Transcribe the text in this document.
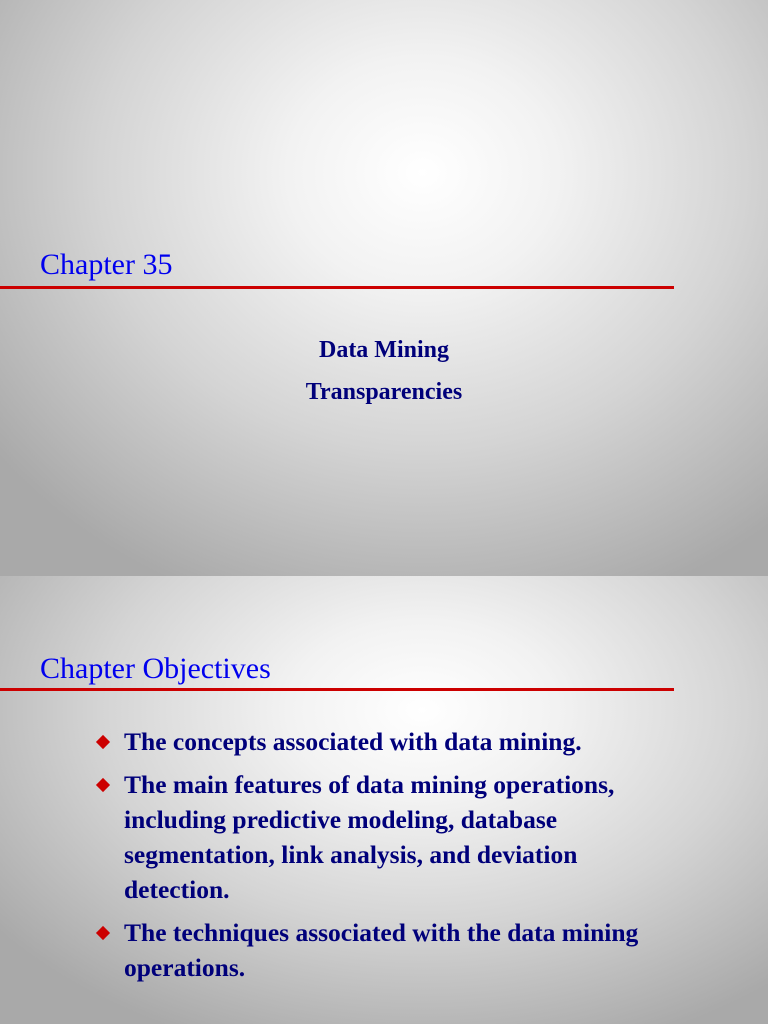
Chapter 35
Data Mining
Transparencies
Chapter Objectives
The concepts associated with data mining.
The main features of data mining operations, including predictive modeling, database segmentation, link analysis, and deviation detection.
The techniques associated with the data mining operations.
